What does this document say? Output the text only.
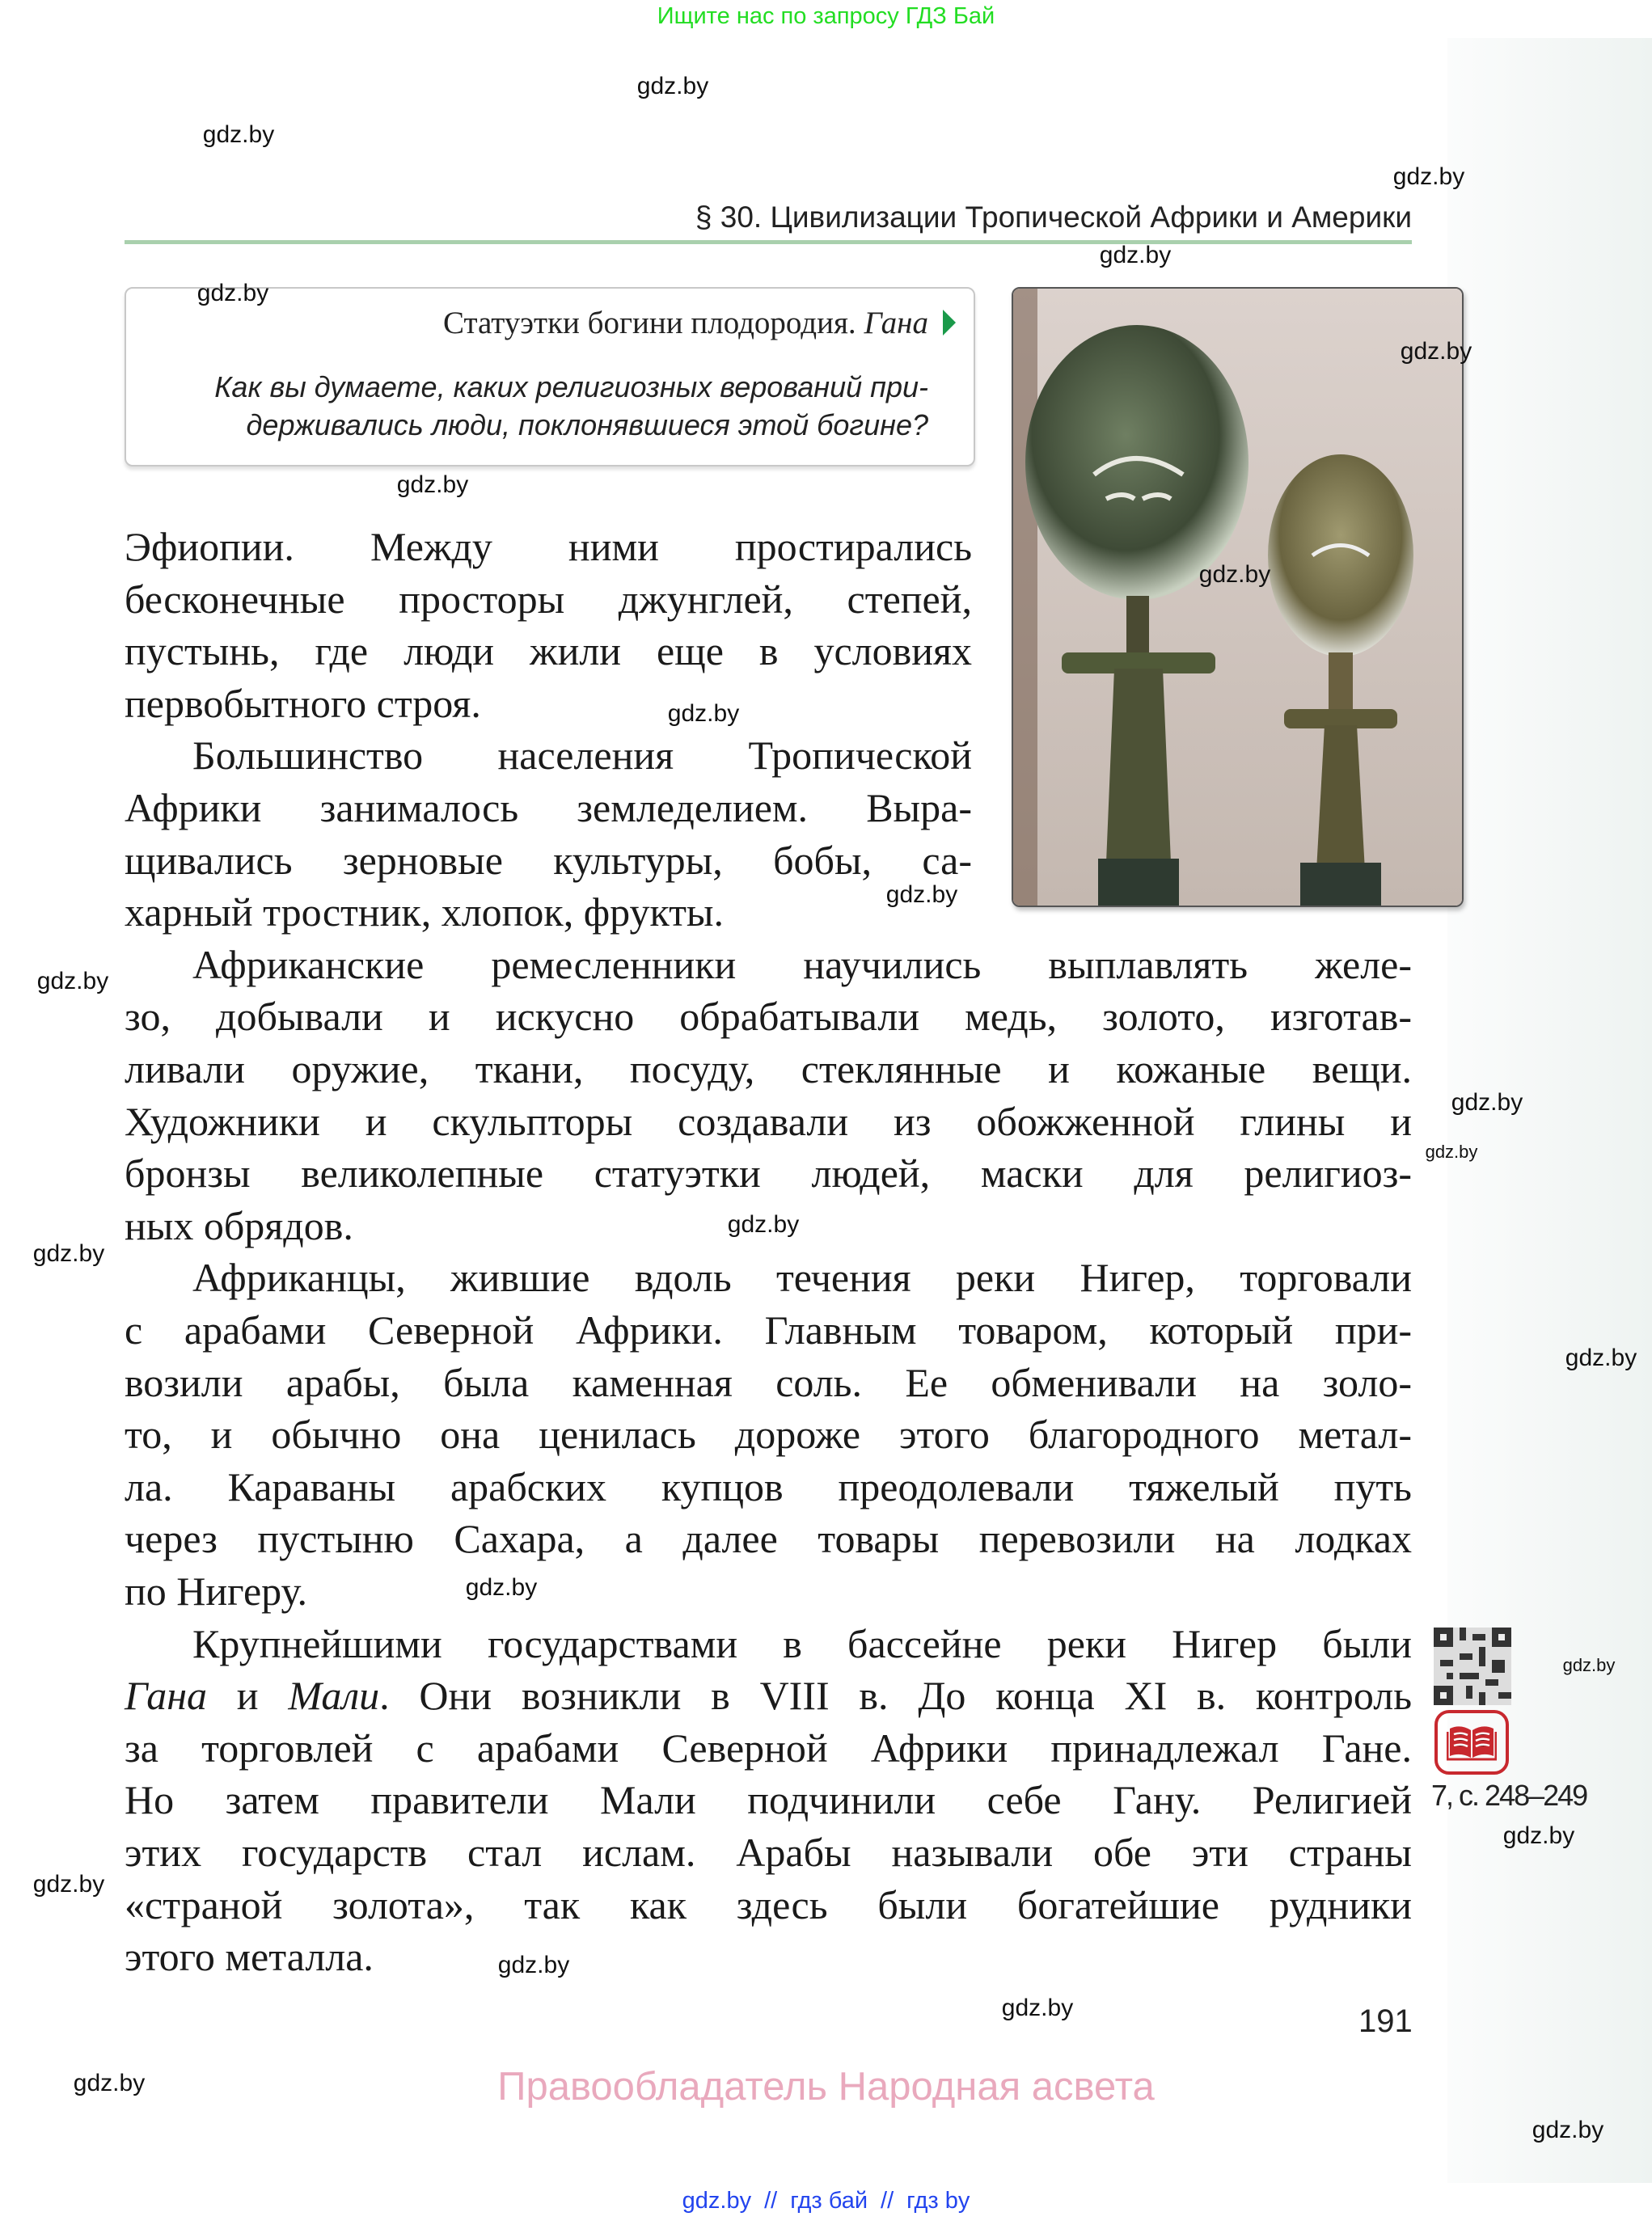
Ищите нас по запросу ГДЗ Бай
§ 30. Цивилизации Тропической Африки и Америки
Статуэтки богини плодородия. Гана
Как вы думаете, каких религиозных верований при-
держивались люди, поклонявшиеся этой богине?
Эфиопии. Между ними простирались
бесконечные просторы джунглей, степей,
пустынь, где люди жили еще в условиях
первобытного строя.
Большинство населения Тропической
Африки занималось земледелием. Выра-
щивались зерновые культуры, бобы, са-
харный тростник, хлопок, фрукты.
Африканские ремесленники научились выплавлять желе-
зо, добывали и искусно обрабатывали медь, золото, изготав-
ливали оружие, ткани, посуду, стеклянные и кожаные вещи.
Художники и скульпторы создавали из обожженной глины и
бронзы великолепные статуэтки людей, маски для религиоз-
ных обрядов.
Африканцы, жившие вдоль течения реки Нигер, торговали
с арабами Северной Африки. Главным товаром, который при-
возили арабы, была каменная соль. Ее обменивали на золо-
то, и обычно она ценилась дороже этого благородного метал-
ла. Караваны арабских купцов преодолевали тяжелый путь
через пустыню Сахара, а далее товары перевозили на лодках
по Нигеру.
Крупнейшими государствами в бассейне реки Нигер были
Гана и Мали. Они возникли в VIII в. До конца XI в. контроль
за торговлей с арабами Северной Африки принадлежал Гане.
Но затем правители Мали подчинили себе Гану. Религией
этих государств стал ислам. Арабы называли обе эти страны
«страной золота», так как здесь были богатейшие рудники
этого металла.
7, с. 248–249
191
Правообладатель Народная асвета
gdz.by // гдз бай // гдз by
gdz.by
gdz.by
gdz.by
gdz.by
gdz.by
gdz.by
gdz.by
gdz.by
gdz.by
gdz.by
gdz.by
gdz.by
gdz.by
gdz.by
gdz.by
gdz.by
gdz.by
gdz.by
gdz.by
gdz.by
gdz.by
gdz.by
gdz.by
gdz.by
